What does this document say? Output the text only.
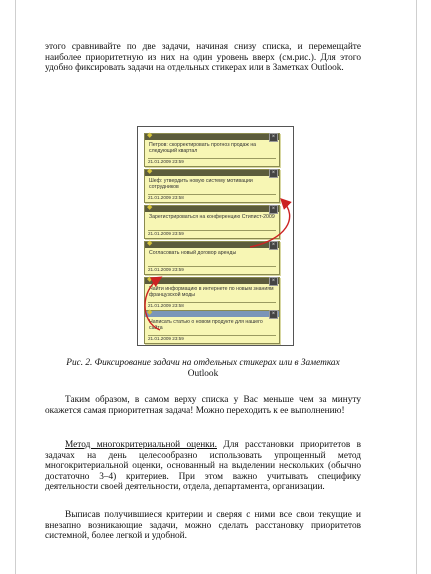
этого сравнивайте по две задачи, начиная снизу списка, и перемещайте наиболее приоритетную из них на один уровень вверх (см.рис.). Для этого удобно фиксировать задачи на отдельных стикерах или в Заметках Outlook.

◆	×
Петров: скорректировать прогноз продаж на следующий квартал
21.01.2009 23:59
◆	×
Шеф: утвердить новую систему мотивации сотрудников
21.01.2009 23:58
◆	×
Зарегистрироваться на конференцию Стипист-2009
21.01.2009 23:59
◆	×
Согласовать новый договор аренды
21.01.2009 23:59
◆	×
Найти информацию в интернете по новым знаниям французской моды
21.01.2009 23:58
◆	×
Написать статью о новом продукте для нашего сайта
21.01.2009 23:59

Рис. 2. Фиксирование задачи на отдельных стикерах или в Заметках
Outlook

Таким образом, в самом верху списка у Вас меньше чем за минуту окажется самая приоритетная задача! Можно переходить к ее выполнению!

Метод многокритериальной оценки. Для расстановки приоритетов в задачах на день целесообразно использовать упрощенный метод многокритериальной оценки, основанный на выделении нескольких (обычно достаточно 3–4) критериев. При этом важно учитывать специфику деятельности своей деятельности, отдела, департамента, организации.

Выписав получившиеся критерии и сверяя с ними все свои текущие и внезапно возникающие задачи, можно сделать расстановку приоритетов системной, более легкой и удобной.
